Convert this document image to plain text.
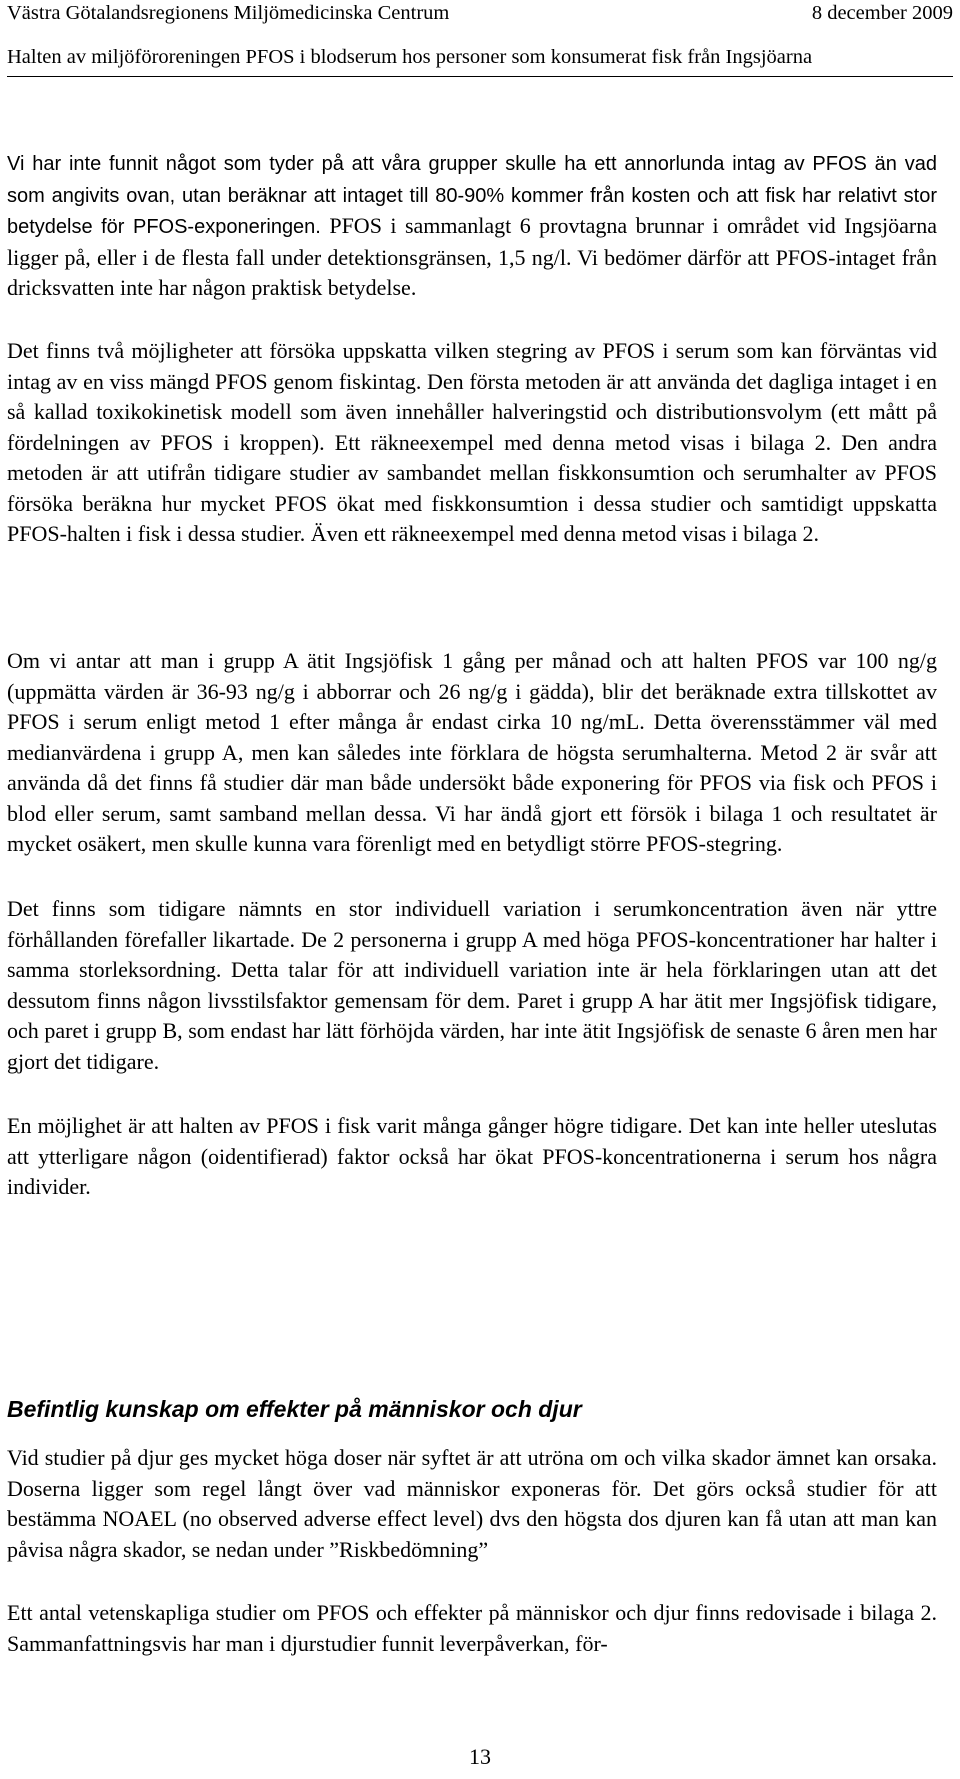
Västra Götalandsregionens Miljömedicinska Centrum	8 december 2009
Halten av miljöföroreningen PFOS i blodserum hos personer som konsumerat fisk från Ingsjöarna

Vi har inte funnit något som tyder på att våra grupper skulle ha ett annorlunda intag av PFOS än vad som angivits ovan, utan beräknar att intaget till 80-90% kommer från kosten och att fisk har relativt stor betydelse för PFOS-exponeringen. PFOS i sammanlagt 6 provtagna brunnar i området vid Ingsjöarna ligger på, eller i de flesta fall under detektionsgränsen, 1,5 ng/l. Vi bedömer därför att PFOS-intaget från dricksvatten inte har någon praktisk betydelse.

Det finns två möjligheter att försöka uppskatta vilken stegring av PFOS i serum som kan förväntas vid intag av en viss mängd PFOS genom fiskintag. Den första metoden är att använda det dagliga intaget i en så kallad toxikokinetisk modell som även innehåller halveringstid och distributionsvolym (ett mått på fördelningen av PFOS i kroppen). Ett räkneexempel med denna metod visas i bilaga 2. Den andra metoden är att utifrån tidigare studier av sambandet mellan fiskkonsumtion och serumhalter av PFOS försöka beräkna hur mycket PFOS ökat med fiskkonsumtion i dessa studier och samtidigt uppskatta PFOS-halten i fisk i dessa studier. Även ett räkneexempel med denna metod visas i bilaga 2.

Om vi antar att man i grupp A ätit Ingsjöfisk 1 gång per månad och att halten PFOS var 100 ng/g (uppmätta värden är 36-93 ng/g i abborrar och 26 ng/g i gädda), blir det beräknade extra tillskottet av PFOS i serum enligt metod 1 efter många år endast cirka 10 ng/mL. Detta överensstämmer väl med medianvärdena i grupp A, men kan således inte förklara de högsta serumhalterna. Metod 2 är svår att använda då det finns få studier där man både undersökt både exponering för PFOS via fisk och PFOS i blod eller serum, samt samband mellan dessa. Vi har ändå gjort ett försök i bilaga 1 och resultatet är mycket osäkert, men skulle kunna vara förenligt med en betydligt större PFOS-stegring.

Det finns som tidigare nämnts en stor individuell variation i serumkoncentration även när yttre förhållanden förefaller likartade. De 2 personerna i grupp A med höga PFOS-koncentrationer har halter i samma storleksordning. Detta talar för att individuell variation inte är hela förklaringen utan att det dessutom finns någon livsstilsfaktor gemensam för dem. Paret i grupp A har ätit mer Ingsjöfisk tidigare, och paret i grupp B, som endast har lätt förhöjda värden, har inte ätit Ingsjöfisk de senaste 6 åren men har gjort det tidigare.

En möjlighet är att halten av PFOS i fisk varit många gånger högre tidigare. Det kan inte heller uteslutas att ytterligare någon (oidentifierad) faktor också har ökat PFOS-koncentrationerna i serum hos några individer.

Befintlig kunskap om effekter på människor och djur

Vid studier på djur ges mycket höga doser när syftet är att utröna om och vilka skador ämnet kan orsaka. Doserna ligger som regel långt över vad människor exponeras för. Det görs också studier för att bestämma NOAEL (no observed adverse effect level) dvs den högsta dos djuren kan få utan att man kan påvisa några skador, se nedan under ”Riskbedömning”

Ett antal vetenskapliga studier om PFOS och effekter på människor och djur finns redovisade i bilaga 2. Sammanfattningsvis har man i djurstudier funnit leverpåverkan, för-

13
